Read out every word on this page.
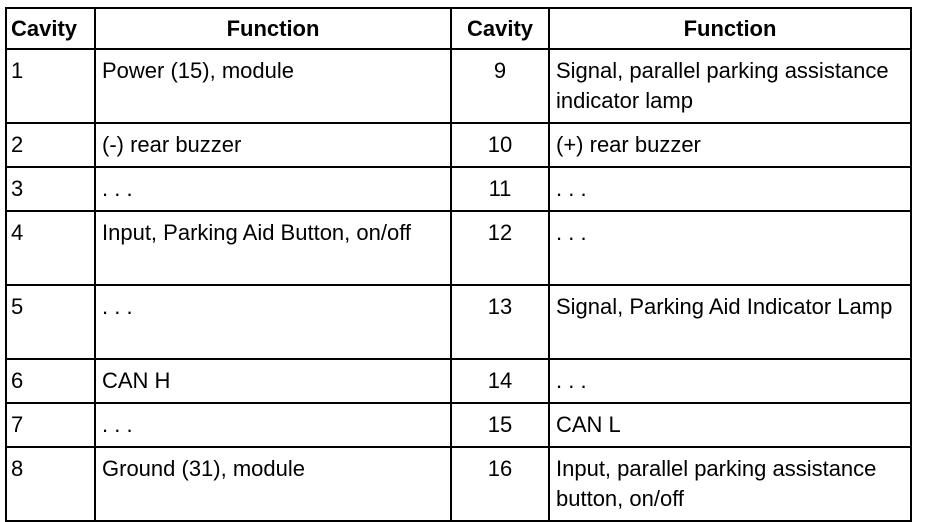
Cavity	Function	Cavity	Function
1	Power (15), module	9	Signal, parallel parking assistance indicator lamp
2	(-) rear buzzer	10	(+) rear buzzer
3	. . .	11	. . .
4	Input, Parking Aid Button, on/off	12	. . .
5	. . .	13	Signal, Parking Aid Indicator Lamp
6	CAN H	14	. . .
7	. . .	15	CAN L
8	Ground (31), module	16	Input, parallel parking assistance button, on/off
